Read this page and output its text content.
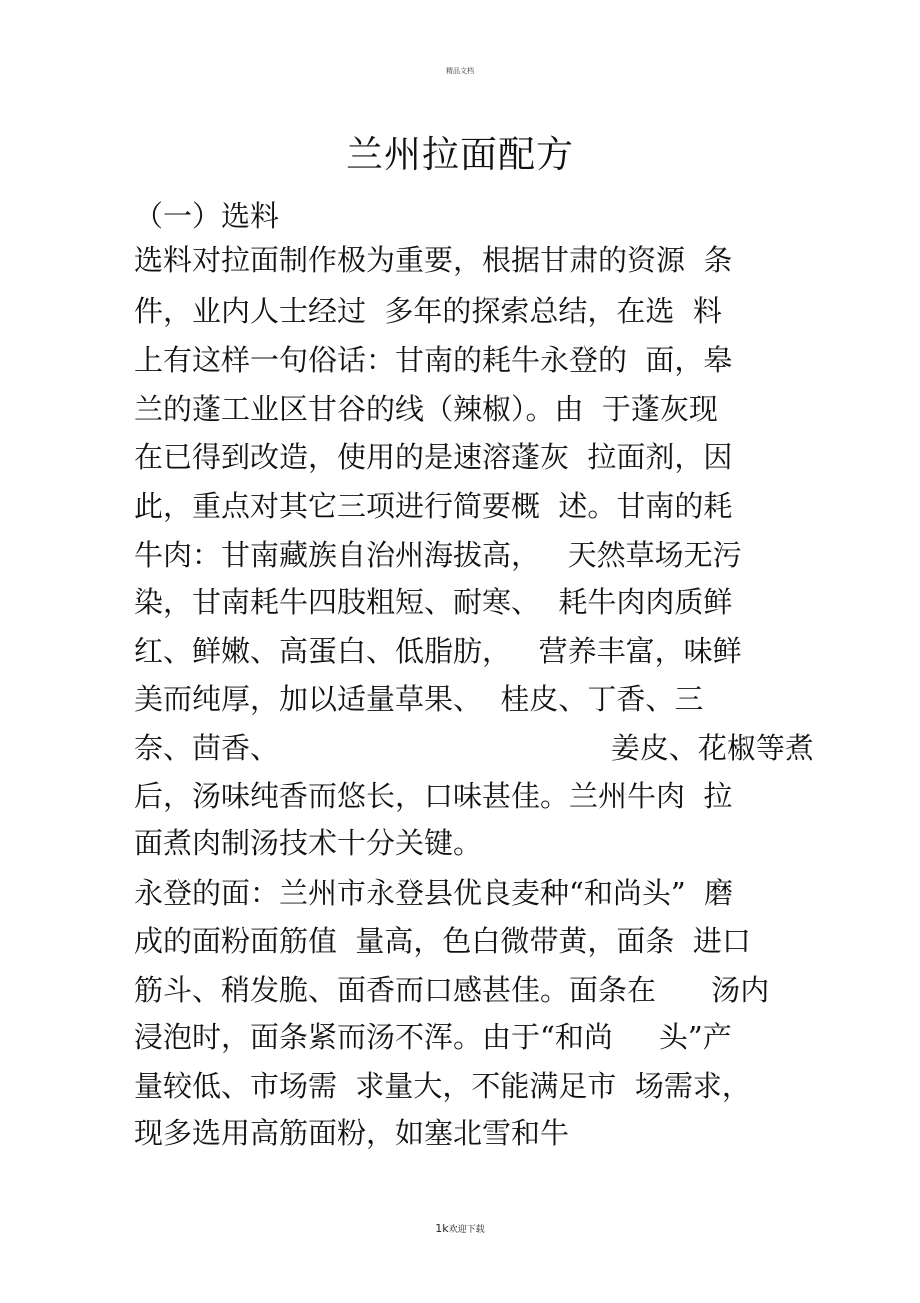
精品文档
兰州拉面配方
（一）选料
选料对拉面制作极为重要，根据甘肃的资源  条
件，业内人士经过  多年的探索总结，在选  料
上有这样一句俗话：甘南的耗牛永登的  面，皋
兰的蓬工业区甘谷的线（辣椒）。由  于蓬灰现
在已得到改造，使用的是速溶蓬灰  拉面剂，因
此，重点对其它三项进行简要概  述。甘南的耗
牛肉：甘南藏族自治州海拔高，   天然草场无污
染，甘南耗牛四肢粗短、耐寒、  耗牛肉肉质鲜
红、鲜嫩、高蛋白、低脂肪，   营养丰富，味鲜
美而纯厚，加以适量草果、  桂皮、丁香、三
奈、茴香、                                    姜皮、花椒等煮
后，汤味纯香而悠长，口味甚佳。兰州牛肉  拉
面煮肉制汤技术十分关键。
永登的面：兰州市永登县优良麦种“和尚头”  磨
成的面粉面筋值  量高，色白微带黄，面条  进口
筋斗、稍发脆、面香而口感甚佳。面条在      汤内
浸泡时，面条紧而汤不浑。由于“和尚     头”产
量较低、市场需  求量大，不能满足市  场需求，
现多选用高筋面粉，如塞北雪和牛
1k欢迎下载
